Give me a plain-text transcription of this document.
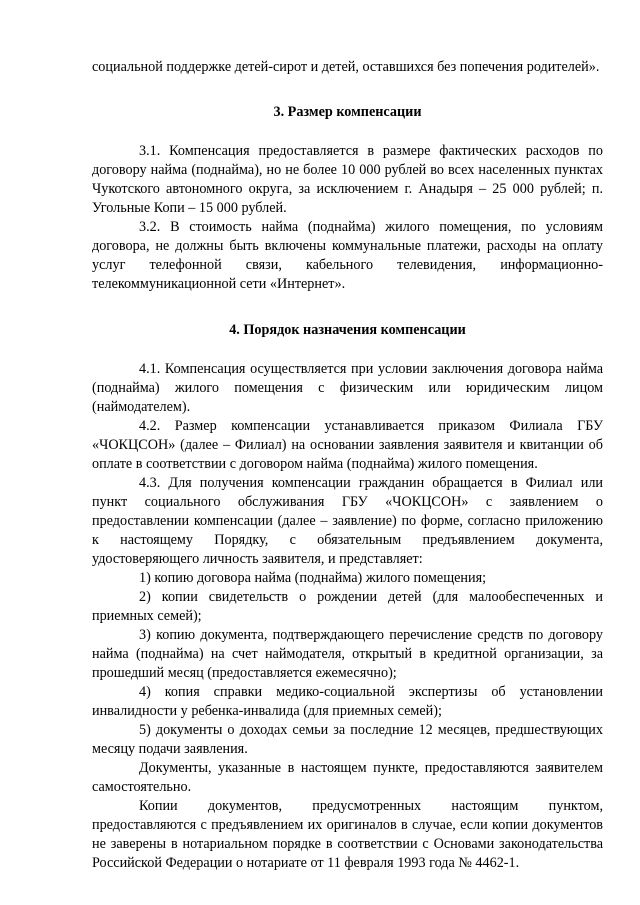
социальной поддержке детей-сирот и детей, оставшихся без попечения родителей».

3. Размер компенсации

3.1. Компенсация предоставляется в размере фактических расходов по договору найма (поднайма), но не более 10 000 рублей во всех населенных пунктах Чукотского автономного округа, за исключением г. Анадыря – 25 000 рублей; п. Угольные Копи – 15 000 рублей.

3.2. В стоимость найма (поднайма) жилого помещения, по условиям договора, не должны быть включены коммунальные платежи, расходы на оплату услуг телефонной связи, кабельного телевидения, информационно-телекоммуникационной сети «Интернет».

4. Порядок назначения компенсации

4.1. Компенсация осуществляется при условии заключения договора найма (поднайма) жилого помещения с физическим или юридическим лицом (наймодателем).

4.2. Размер компенсации устанавливается приказом Филиала ГБУ «ЧОКЦСОН» (далее – Филиал) на основании заявления заявителя и квитанции об оплате в соответствии с договором найма (поднайма) жилого помещения.

4.3. Для получения компенсации гражданин обращается в Филиал или пункт социального обслуживания ГБУ «ЧОКЦСОН» с заявлением о предоставлении компенсации (далее – заявление) по форме, согласно приложению к настоящему Порядку, с обязательным предъявлением документа, удостоверяющего личность заявителя, и представляет:

1) копию договора найма (поднайма) жилого помещения;

2) копии свидетельств о рождении детей (для малообеспеченных и приемных семей);

3) копию документа, подтверждающего перечисление средств по договору найма (поднайма) на счет наймодателя, открытый в кредитной организации, за прошедший месяц (предоставляется ежемесячно);

4) копия справки медико-социальной экспертизы об установлении инвалидности у ребенка-инвалида (для приемных семей);

5) документы о доходах семьи за последние 12 месяцев, предшествующих месяцу подачи заявления.

Документы, указанные в настоящем пункте, предоставляются заявителем самостоятельно.

Копии документов, предусмотренных настоящим пунктом, предоставляются с предъявлением их оригиналов в случае, если копии документов не заверены в нотариальном порядке в соответствии с Основами законодательства Российской Федерации о нотариате от 11 февраля 1993 года № 4462-1.
